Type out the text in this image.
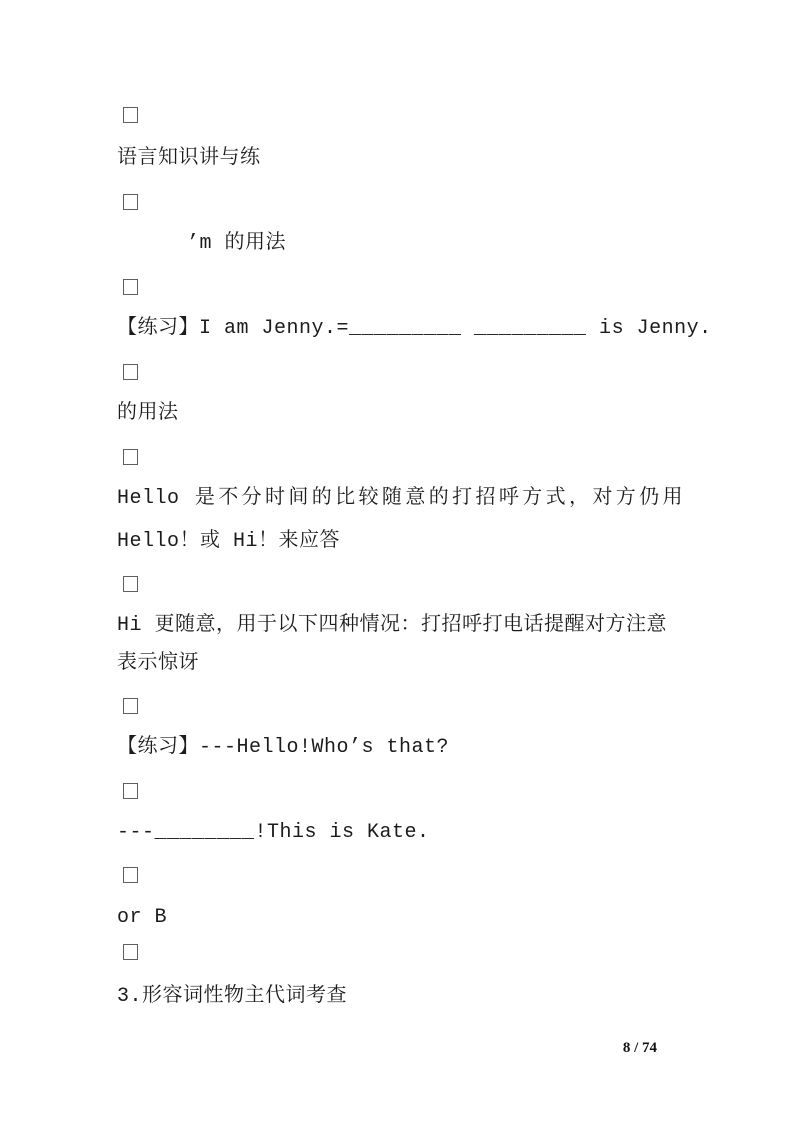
语言知识讲与练
’m 的用法
【练习】I am Jenny.=_________ _________ is Jenny.
的用法
Hello 是不分时间的比较随意的打招呼方式，对方仍用
Hello！或 Hi！来应答
Hi 更随意，用于以下四种情况：打招呼打电话提醒对方注意
表示惊讶
【练习】---Hello!Who’s that?
---________!This is Kate.
or B
3.形容词性物主代词考查
8 / 74
